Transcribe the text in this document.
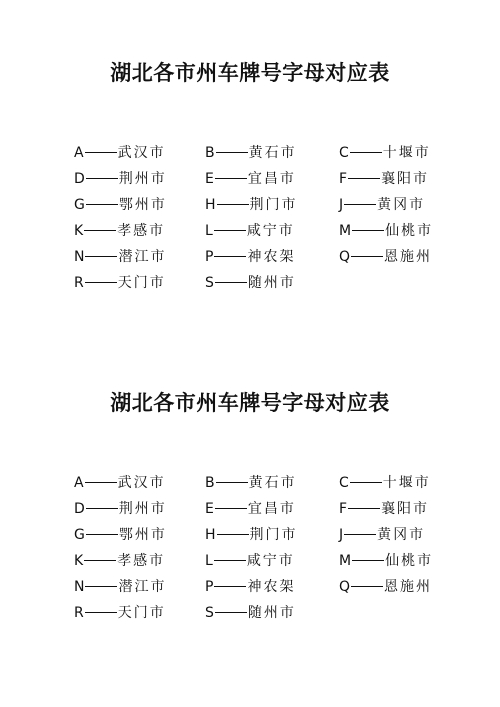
湖北各市州车牌号字母对应表
A 武汉市	B 黄石市	C 十堰市
D 荆州市	E 宜昌市	F 襄阳市
G 鄂州市	H 荆门市	J 黄冈市
K 孝感市	L 咸宁市	M 仙桃市
N 潜江市	P 神农架	Q 恩施州
R 天门市	S 随州市
湖北各市州车牌号字母对应表
A 武汉市	B 黄石市	C 十堰市
D 荆州市	E 宜昌市	F 襄阳市
G 鄂州市	H 荆门市	J 黄冈市
K 孝感市	L 咸宁市	M 仙桃市
N 潜江市	P 神农架	Q 恩施州
R 天门市	S 随州市
